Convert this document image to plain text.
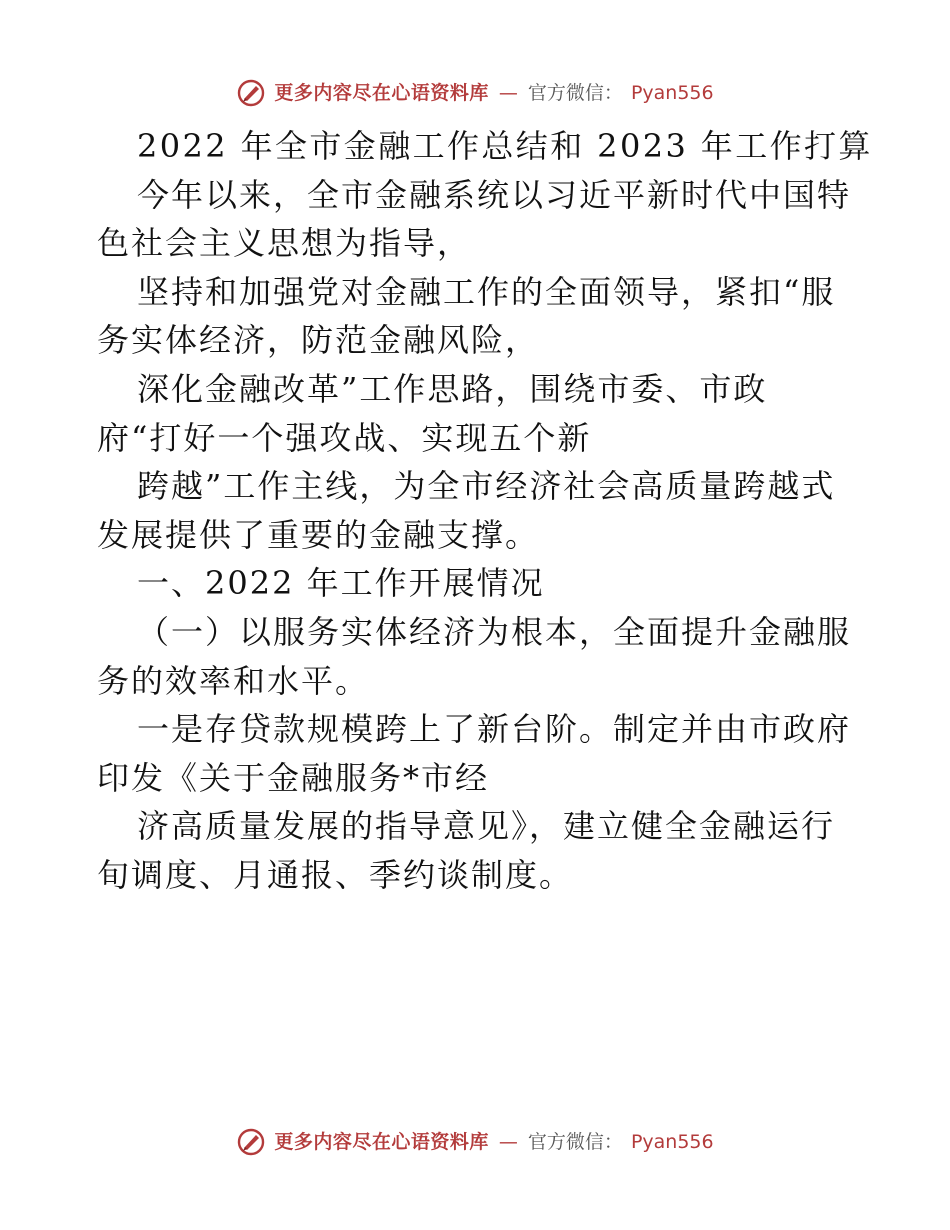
更多内容尽在心语资料库 — 官方微信： Pyan556

2022 年全市金融工作总结和 2023 年工作打算

今年以来，全市金融系统以习近平新时代中国特

色社会主义思想为指导，

坚持和加强党对金融工作的全面领导，紧扣“服

务实体经济，防范金融风险，

深化金融改革”工作思路，围绕市委、市政

府“打好一个强攻战、实现五个新

跨越”工作主线，为全市经济社会高质量跨越式

发展提供了重要的金融支撑。

一、2022 年工作开展情况

（一）以服务实体经济为根本，全面提升金融服

务的效率和水平。

一是存贷款规模跨上了新台阶。制定并由市政府

印发《关于金融服务*市经

济高质量发展的指导意见》，建立健全金融运行

旬调度、月通报、季约谈制度。

更多内容尽在心语资料库 — 官方微信： Pyan556
